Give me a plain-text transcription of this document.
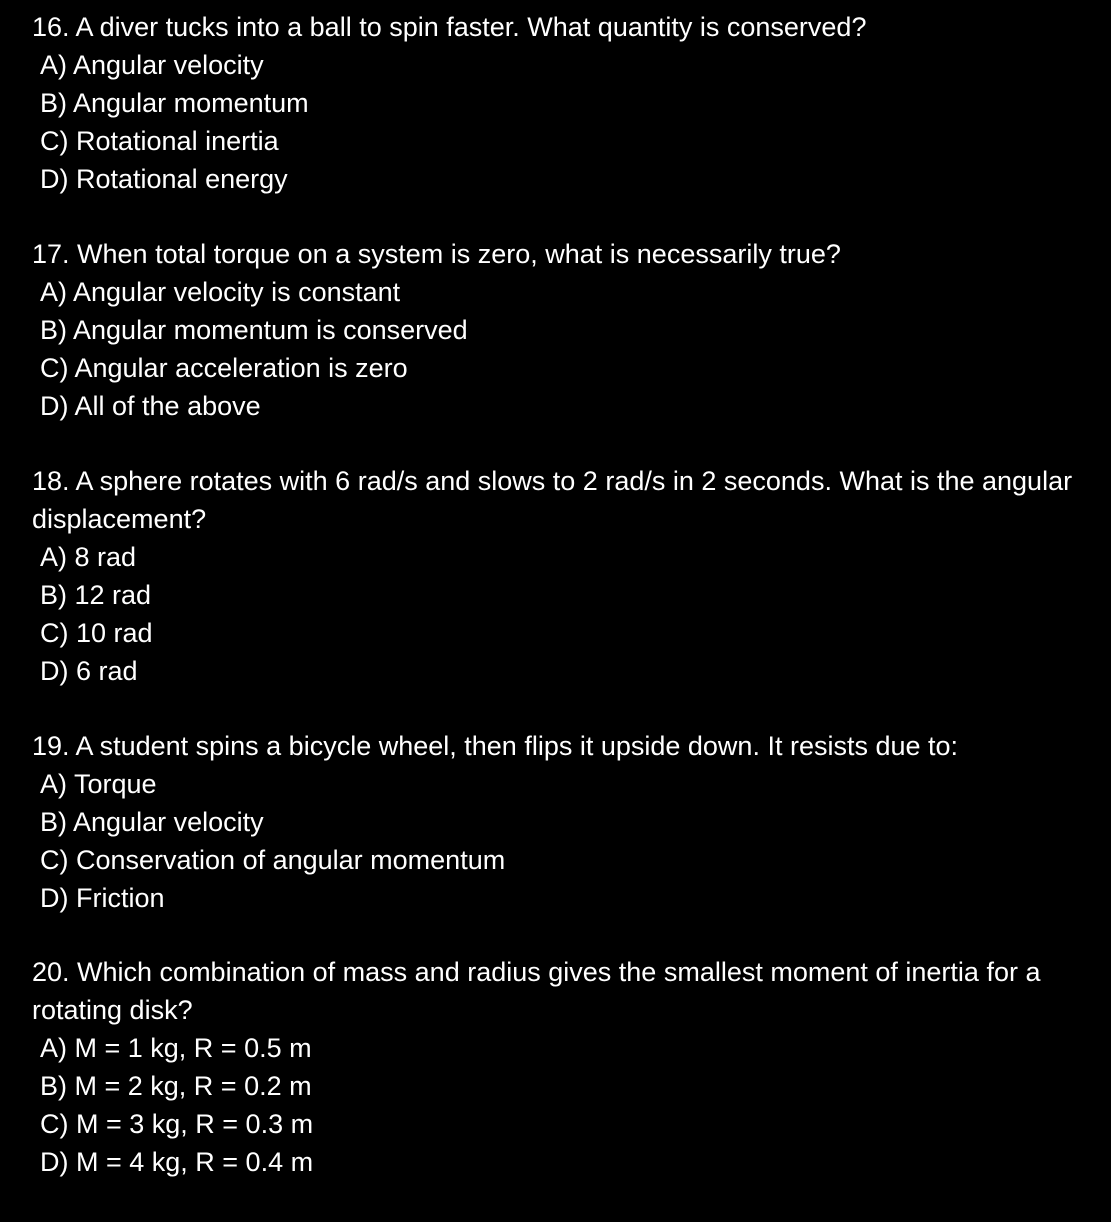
16. A diver tucks into a ball to spin faster. What quantity is conserved?

A) Angular velocity
B) Angular momentum
C) Rotational inertia
D) Rotational energy

17. When total torque on a system is zero, what is necessarily true?

A) Angular velocity is constant
B) Angular momentum is conserved
C) Angular acceleration is zero
D) All of the above

18. A sphere rotates with 6 rad/s and slows to 2 rad/s in 2 seconds. What is the angular displacement?

A) 8 rad
B) 12 rad
C) 10 rad
D) 6 rad

19. A student spins a bicycle wheel, then flips it upside down. It resists due to:

A) Torque
B) Angular velocity
C) Conservation of angular momentum
D) Friction

20. Which combination of mass and radius gives the smallest moment of inertia for a rotating disk?

A) M = 1 kg, R = 0.5 m
B) M = 2 kg, R = 0.2 m
C) M = 3 kg, R = 0.3 m
D) M = 4 kg, R = 0.4 m
